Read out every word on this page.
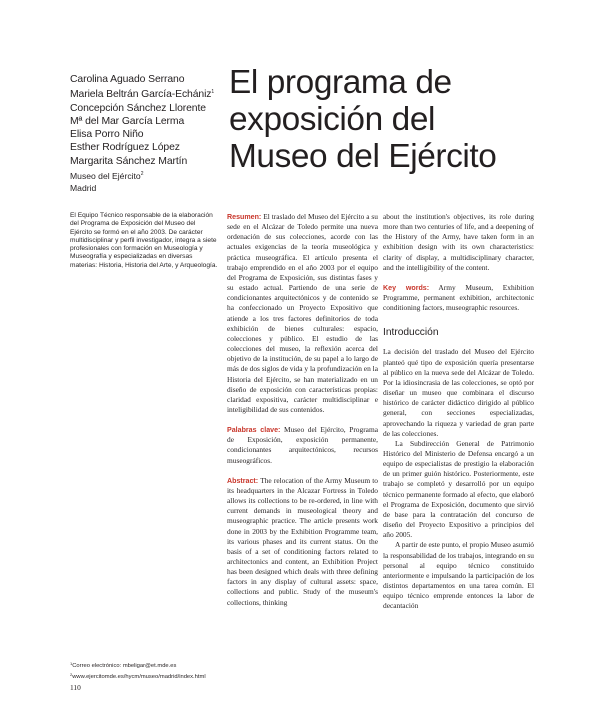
Carolina Aguado Serrano
Mariela Beltrán García-Echániz$^1$
Concepción Sánchez Llorente
Mª del Mar García Lerma
Elisa Porro Niño
Esther Rodríguez López
Margarita Sánchez Martín
Museo del Ejército$^2$
Madrid
El programa de
exposición del
Museo del Ejército

El Equipo Técnico responsable de la elaboración del Programa de Exposición del Museo del Ejército se formó en el año 2003. De carácter multidisciplinar y perfil investigador, integra a siete profesionales con formación en Museología y Museografía y especializadas en diversas materias: Historia, Historia del Arte, y Arqueología.

Resumen: El traslado del Museo del Ejército a su sede en el Alcázar de Toledo permite una nueva ordenación de sus colecciones, acorde con las actuales exigencias de la teoría museológica y práctica museográfica. El artículo presenta el trabajo emprendido en el año 2003 por el equipo del Programa de Exposición, sus distintas fases y su estado actual. Partiendo de una serie de condicionantes arquitectónicos y de contenido se ha confeccionado un Proyecto Expositivo que atiende a los tres factores definitorios de toda exhibición de bienes culturales: espacio, colecciones y público. El estudio de las colecciones del museo, la reflexión acerca del objetivo de la institución, de su papel a lo largo de más de dos siglos de vida y la profundización en la Historia del Ejército, se han materializado en un diseño de exposición con características propias: claridad expositiva, carácter multidisciplinar e inteligibilidad de sus contenidos.

Palabras clave: Museo del Ejército, Programa de Exposición, exposición permanente, condicionantes arquitectónicos, recursos museográficos.

Abstract: The relocation of the Army Museum to its headquarters in the Alcazar Fortress in Toledo allows its collections to be re-ordered, in line with current demands in museological theory and museographic practice. The article presents work done in 2003 by the Exhibition Programme team, its various phases and its current status. On the basis of a set of conditioning factors related to architectonics and content, an Exhibition Project has been designed which deals with three defining factors in any display of cultural assets: space, collections and public. Study of the museum's collections, thinking

about the institution's objectives, its role during more than two centuries of life, and a deepening of the History of the Army, have taken form in an exhibition design with its own characteristics: clarity of display, a multidisciplinary character, and the intelligibility of the content.

Key words: Army Museum, Exhibition Programme, permanent exhibition, architectonic conditioning factors, museographic resources.

Introducción

La decisión del traslado del Museo del Ejército planteó qué tipo de exposición quería presentarse al público en la nueva sede del Alcázar de Toledo. Por la idiosincrasia de las colecciones, se optó por diseñar un museo que combinara el discurso histórico de carácter didáctico dirigido al público general, con secciones especializadas, aprovechando la riqueza y variedad de gran parte de las colecciones.

La Subdirección General de Patrimonio Histórico del Ministerio de Defensa encargó a un equipo de especialistas de prestigio la elaboración de un primer guión histórico. Posteriormente, este trabajo se completó y desarrolló por un equipo técnico permanente formado al efecto, que elaboró el Programa de Exposición, documento que sirvió de base para la contratación del concurso de diseño del Proyecto Expositivo a principios del año 2005.

A partir de este punto, el propio Museo asumió la responsabilidad de los trabajos, integrando en su personal al equipo técnico constituido anteriormente e impulsando la participación de los distintos departamentos en una tarea común. El equipo técnico emprende entonces la labor de decantación

$^1$Correo electrónico: mbeligar@et.mde.es
$^2$www.ejercitomde.es/hycm/museo/madrid/index.html
110
